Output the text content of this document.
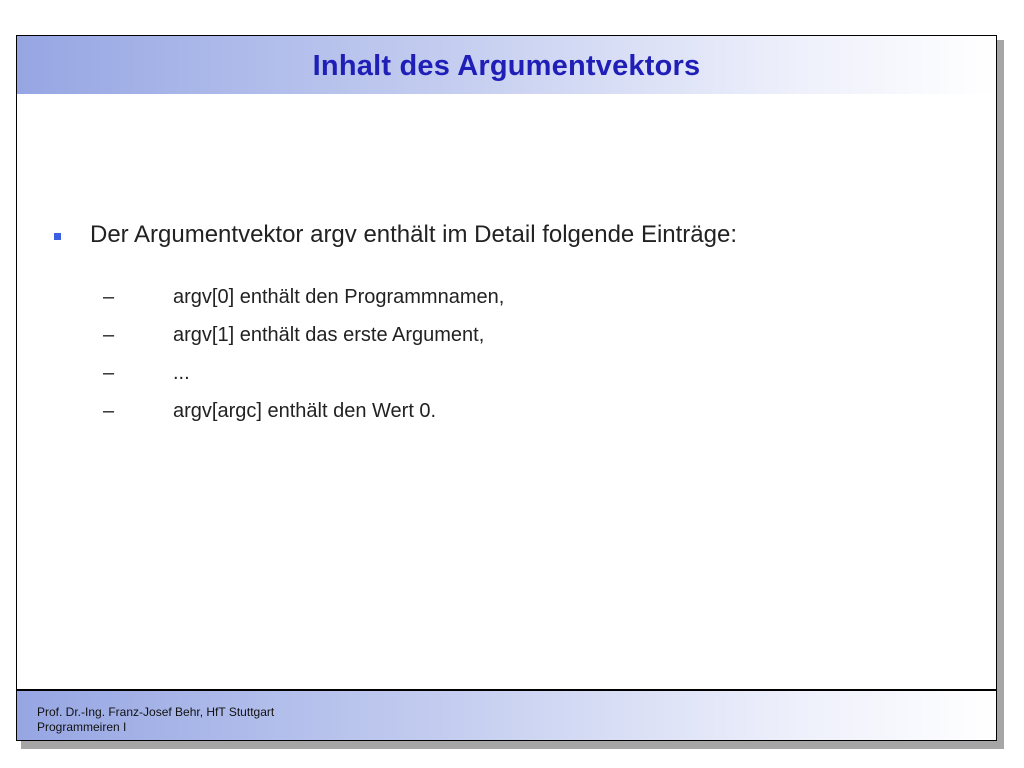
Inhalt des Argumentvektors
Der Argumentvektor argv enthält im Detail folgende Einträge:
–	argv[0] enthält den Programmnamen,
–	argv[1] enthält das erste Argument,
–	...
–	argv[argc] enthält den Wert 0.
Prof. Dr.-Ing. Franz-Josef Behr, HfT Stuttgart
Programmeiren I
